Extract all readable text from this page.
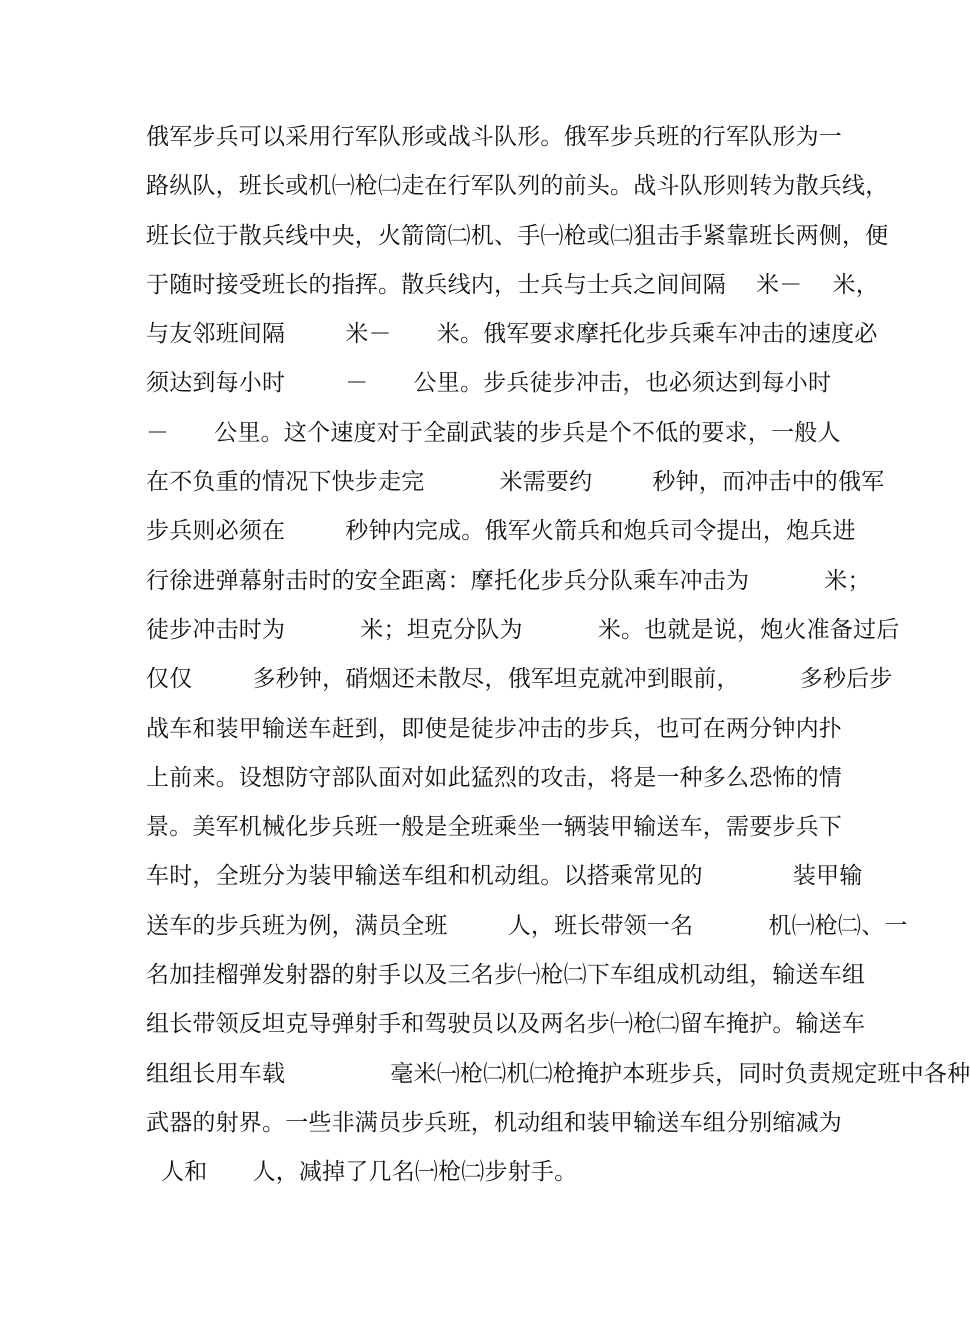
俄军步兵可以采用行军队形或战斗队形。俄军步兵班的行军队形为一
路纵队，班长或机㈠枪㈡走在行军队列的前头。战斗队形则转为散兵线，
班长位于散兵线中央，火箭筒㈡机、手㈠枪或㈡狙击手紧靠班长两侧，便
于随时接受班长的指挥。散兵线内，士兵与士兵之间间隔    米－    米，
与友邻班间隔        米－      米。俄军要求摩托化步兵乘车冲击的速度必
须达到每小时        －      公里。步兵徒步冲击，也必须达到每小时
－      公里。这个速度对于全副武装的步兵是个不低的要求，一般人
在不负重的情况下快步走完          米需要约        秒钟，而冲击中的俄军
步兵则必须在        秒钟内完成。俄军火箭兵和炮兵司令提出，炮兵进
行徐进弹幕射击时的安全距离：摩托化步兵分队乘车冲击为          米；
徒步冲击时为          米；坦克分队为          米。也就是说，炮火准备过后
仅仅        多秒钟，硝烟还未散尽，俄军坦克就冲到眼前，        多秒后步
战车和装甲输送车赶到，即使是徒步冲击的步兵，也可在两分钟内扑
上前来。设想防守部队面对如此猛烈的攻击，将是一种多么恐怖的情
景。美军机械化步兵班一般是全班乘坐一辆装甲输送车，需要步兵下
车时，全班分为装甲输送车组和机动组。以搭乘常见的            装甲输
送车的步兵班为例，满员全班        人，班长带领一名          机㈠枪㈡、一
名加挂榴弹发射器的射手以及三名步㈠枪㈡下车组成机动组，输送车组
组长带领反坦克导弹射手和驾驶员以及两名步㈠枪㈡留车掩护。输送车
组组长用车载              毫米㈠枪㈡机㈡枪掩护本班步兵，同时负责规定班中各种
武器的射界。一些非满员步兵班，机动组和装甲输送车组分别缩减为
人和      人，减掉了几名㈠枪㈡步射手。
